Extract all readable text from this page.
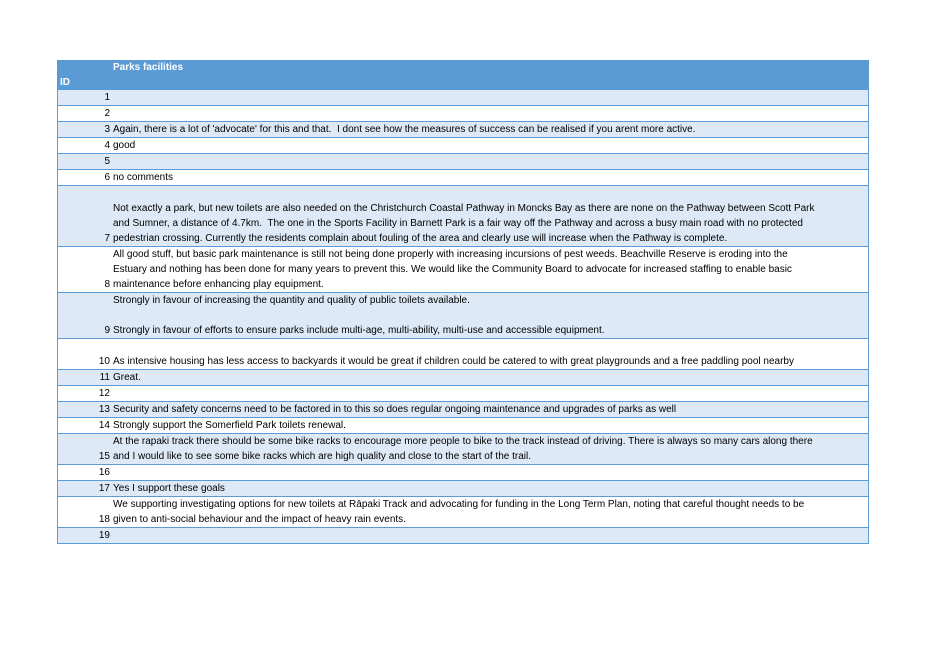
Parks facilities
ID
1
2
3 Again, there is a lot of 'advocate' for this and that.  I dont see how the measures of success can be realised if you arent more active.
4 good
5
6 no comments
7

Not exactly a park, but new toilets are also needed on the Christchurch Coastal Pathway in Moncks Bay as there are none on the Pathway between Scott Park
and Sumner, a distance of 4.7km.  The one in the Sports Facility in Barnett Park is a fair way off the Pathway and across a busy main road with no protected
pedestrian crossing. Currently the residents complain about fouling of the area and clearly use will increase when the Pathway is complete.
8
All good stuff, but basic park maintenance is still not being done properly with increasing incursions of pest weeds. Beachville Reserve is eroding into the
Estuary and nothing has been done for many years to prevent this. We would like the Community Board to advocate for increased staffing to enable basic
maintenance before enhancing play equipment.
9
Strongly in favour of increasing the quantity and quality of public toilets available.

Strongly in favour of efforts to ensure parks include multi-age, multi-ability, multi-use and accessible equipment.
10
As intensive housing has less access to backyards it would be great if children could be catered to with great playgrounds and a free paddling pool nearby
11 Great.
12
13 Security and safety concerns need to be factored in to this so does regular ongoing maintenance and upgrades of parks as well
14 Strongly support the Somerfield Park toilets renewal.
15
At the rapaki track there should be some bike racks to encourage more people to bike to the track instead of driving. There is always so many cars along there
and I would like to see some bike racks which are high quality and close to the start of the trail.
16
17 Yes I support these goals
18
We supporting investigating options for new toilets at Rāpaki Track and advocating for funding in the Long Term Plan, noting that careful thought needs to be
given to anti-social behaviour and the impact of heavy rain events.
19
